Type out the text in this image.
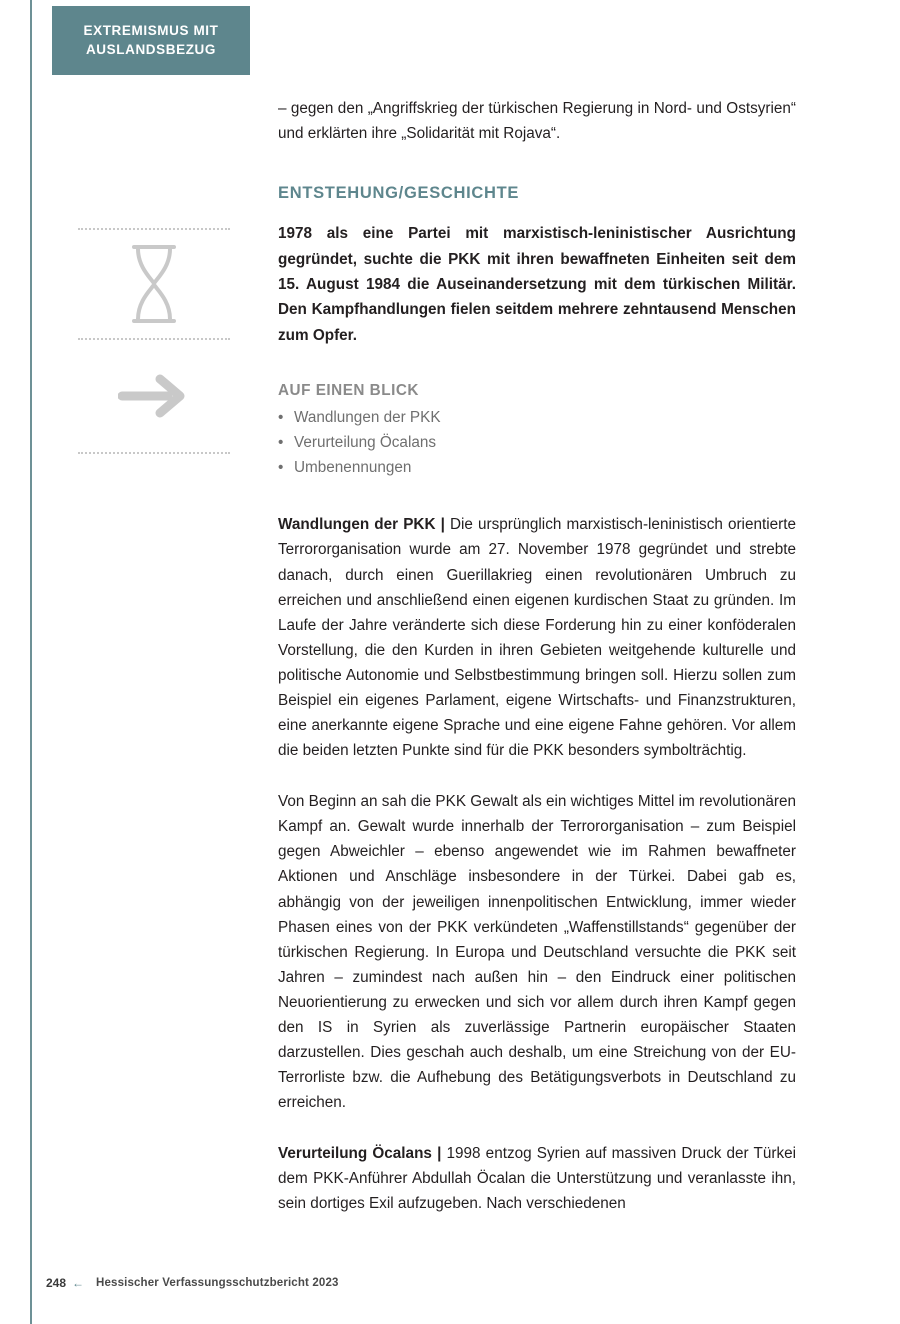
EXTREMISMUS MIT
AUSLANDSBEZUG

– gegen den „Angriffskrieg der türkischen Regierung in Nord- und Ostsyrien“ und erklärten ihre „Solidarität mit Rojava“.

ENTSTEHUNG/GESCHICHTE

1978 als eine Partei mit marxistisch-leninistischer Ausrichtung gegründet, suchte die PKK mit ihren bewaffneten Einheiten seit dem 15. August 1984 die Auseinandersetzung mit dem türkischen Militär. Den Kampfhandlungen fielen seitdem mehrere zehntausend Menschen zum Opfer.

AUF EINEN BLICK
• Wandlungen der PKK
• Verurteilung Öcalans
• Umbenennungen

Wandlungen der PKK | Die ursprünglich marxistisch-leninistisch orientierte Terrororganisation wurde am 27. November 1978 gegründet und strebte danach, durch einen Guerillakrieg einen revolutionären Umbruch zu erreichen und anschließend einen eigenen kurdischen Staat zu gründen. Im Laufe der Jahre veränderte sich diese Forderung hin zu einer konföderalen Vorstellung, die den Kurden in ihren Gebieten weitgehende kulturelle und politische Autonomie und Selbstbestimmung bringen soll. Hierzu sollen zum Beispiel ein eigenes Parlament, eigene Wirtschafts- und Finanzstrukturen, eine anerkannte eigene Sprache und eine eigene Fahne gehören. Vor allem die beiden letzten Punkte sind für die PKK besonders symbolträchtig.

Von Beginn an sah die PKK Gewalt als ein wichtiges Mittel im revolutionären Kampf an. Gewalt wurde innerhalb der Terrororganisation – zum Beispiel gegen Abweichler – ebenso angewendet wie im Rahmen bewaffneter Aktionen und Anschläge insbesondere in der Türkei. Dabei gab es, abhängig von der jeweiligen innenpolitischen Entwicklung, immer wieder Phasen eines von der PKK verkündeten „Waffenstillstands“ gegenüber der türkischen Regierung. In Europa und Deutschland versuchte die PKK seit Jahren – zumindest nach außen hin – den Eindruck einer politischen Neuorientierung zu erwecken und sich vor allem durch ihren Kampf gegen den IS in Syrien als zuverlässige Partnerin europäischer Staaten darzustellen. Dies geschah auch deshalb, um eine Streichung von der EU-Terrorliste bzw. die Aufhebung des Betätigungsverbots in Deutschland zu erreichen.

Verurteilung Öcalans | 1998 entzog Syrien auf massiven Druck der Türkei dem PKK-Anführer Abdullah Öcalan die Unterstützung und veranlasste ihn, sein dortiges Exil aufzugeben. Nach verschiedenen

248 ← Hessischer Verfassungsschutzbericht 2023
